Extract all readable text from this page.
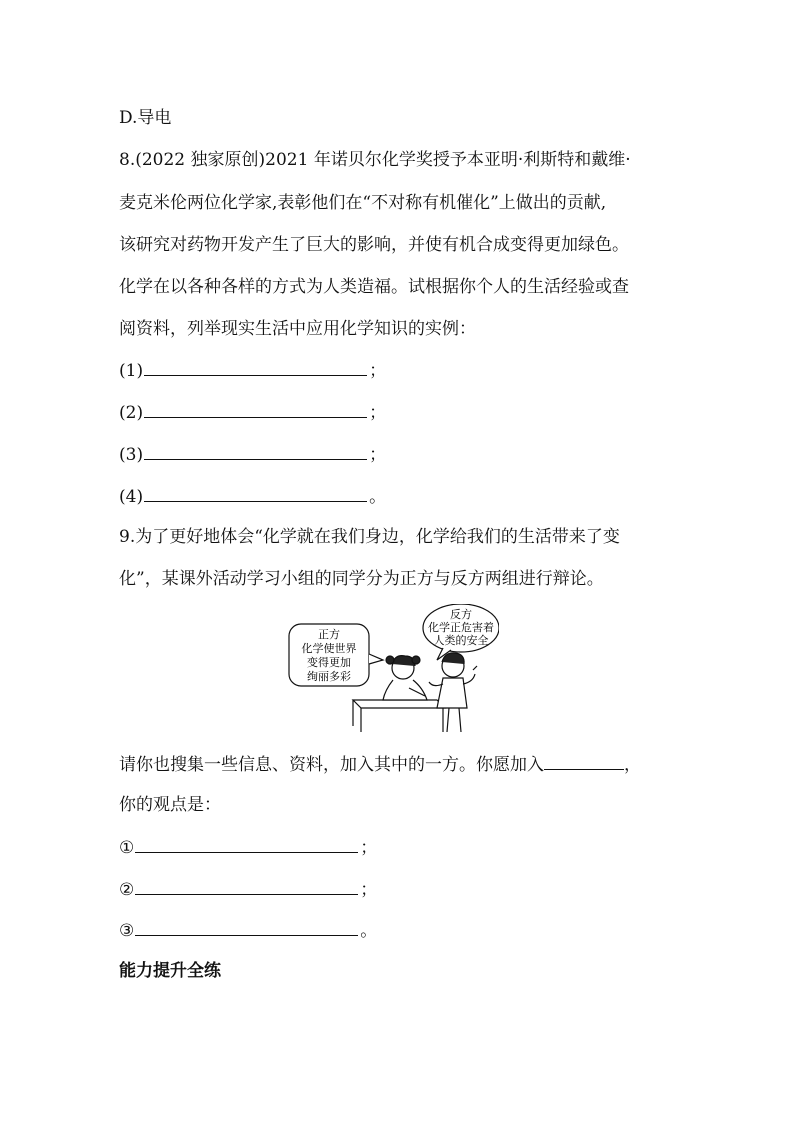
D.导电
8.(2022 独家原创)2021 年诺贝尔化学奖授予本亚明·利斯特和戴维·
麦克米伦两位化学家,表彰他们在“不对称有机催化”上做出的贡献,
该研究对药物开发产生了巨大的影响，并使有机合成变得更加绿色。
化学在以各种各样的方式为人类造福。试根据你个人的生活经验或查
阅资料，列举现实生活中应用化学知识的实例：
(1)	；
(2)	；
(3)	；
(4)	。
9.为了更好地体会“化学就在我们身边，化学给我们的生活带来了变
化”，某课外活动学习小组的同学分为正方与反方两组进行辩论。
正方
化学使世界
变得更加
绚丽多彩
反方
化学正危害着
人类的安全
请你也搜集一些信息、资料，加入其中的一方。你愿加入	，
你的观点是：
①	；
②	；
③	。
能力提升全练
